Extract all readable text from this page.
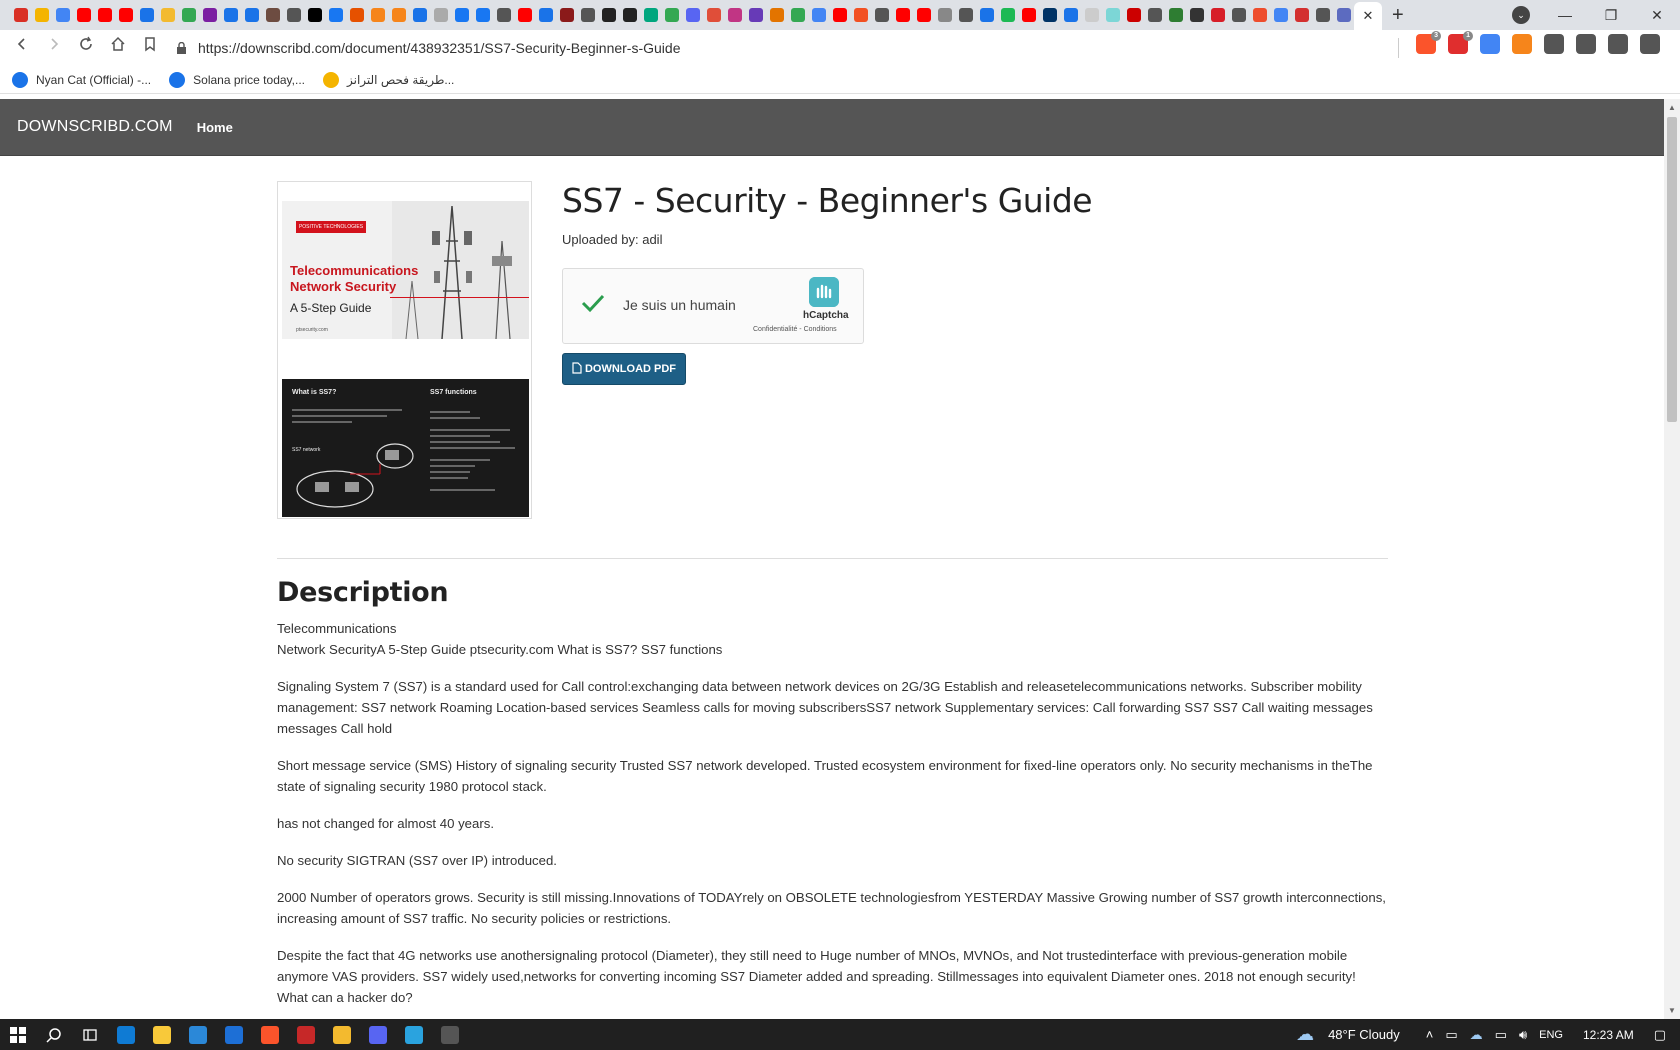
✕ +	⌄	—	❐	✕
https://downscribd.com/document/438932351/SS7-Security-Beginner-s-Guide
3	1
Nyan Cat (Official) -...	Solana price today,...	طريقة فحص الترانز...
DOWNSCRIBD.COM Home
POSITIVE TECHNOLOGIES
Telecommunications
Network Security
A 5-Step Guide
ptsecurity.com
What is SS7?	SS7 functions
SS7 network
SS7 - Security - Beginner's Guide
Uploaded by: adil
Je suis un humain
hCaptcha
Confidentialité - Conditions
DOWNLOAD PDF
Description

Telecommunications
Network SecurityA 5-Step Guide ptsecurity.com What is SS7? SS7 functions

Signaling System 7 (SS7) is a standard used for Call control:exchanging data between network devices on 2G/3G Establish and releasetelecommunications networks. Subscriber mobility management: SS7 network Roaming Location-based services Seamless calls for moving subscribersSS7 network Supplementary services: Call forwarding SS7 SS7 Call waiting messages messages Call hold

Short message service (SMS) History of signaling security Trusted SS7 network developed. Trusted ecosystem environment for fixed-line operators only. No security mechanisms in theThe state of signaling security 1980 protocol stack.

has not changed for almost 40 years.

No security SIGTRAN (SS7 over IP) introduced.

2000 Number of operators grows. Security is still missing.Innovations of TODAYrely on OBSOLETE technologiesfrom YESTERDAY Massive Growing number of SS7 growth interconnections, increasing amount of SS7 traffic. No security policies or restrictions.

Despite the fact that 4G networks use anothersignaling protocol (Diameter), they still need to Huge number of MNOs, MVNOs, and Not trustedinterface with previous-generation mobile anymore VAS providers. SS7 widely used,networks for converting incoming SS7 Diameter added and spreading. Stillmessages into equivalent Diameter ones. 2018 not enough security! What can a hacker do?

▲
▼
☁ 48°F Cloudy ˄ ▭ ☁ ▭ 🔊︎ ENG 12:23 AM ▢
